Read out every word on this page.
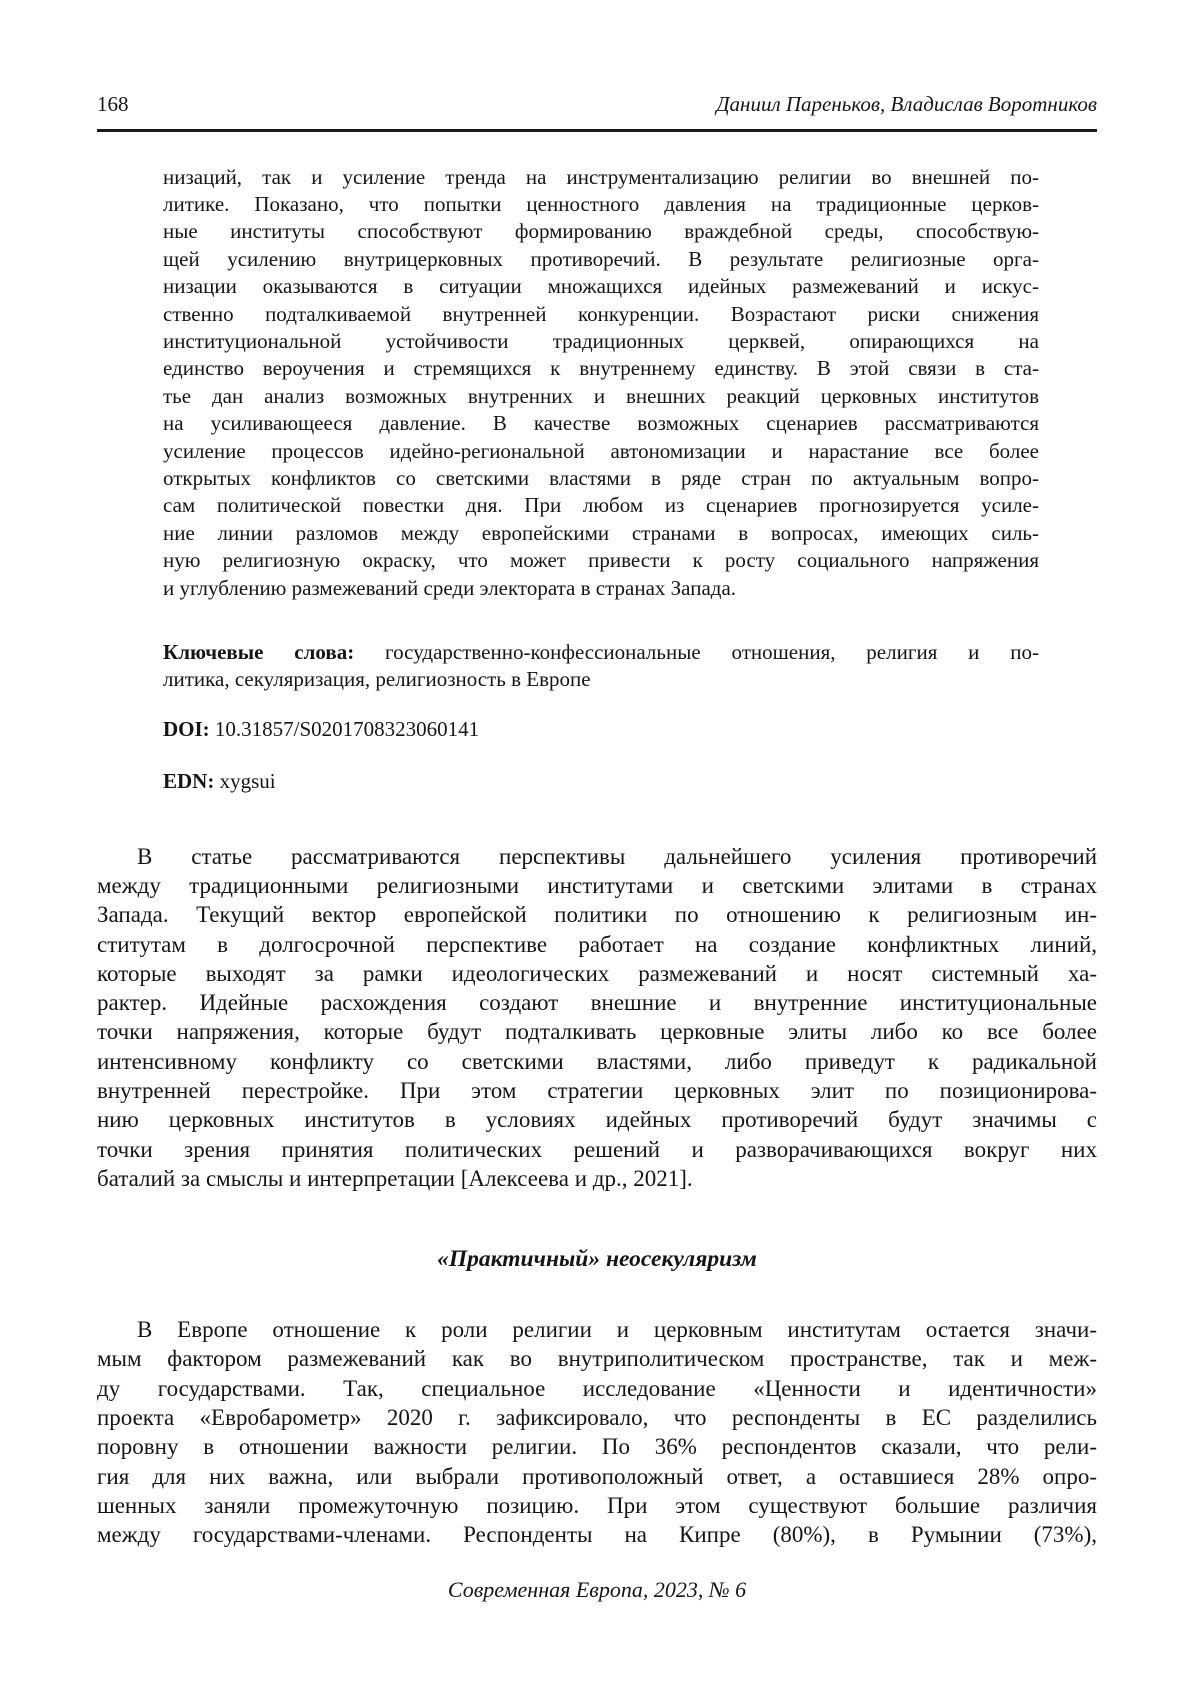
168	Даниил Пареньков, Владислав Воротников
низаций, так и усиление тренда на инструментализацию религии во внешней по-
литике. Показано, что попытки ценностного давления на традиционные церков-
ные институты способствуют формированию враждебной среды, способствую-
щей усилению внутрицерковных противоречий. В результате религиозные орга-
низации оказываются в ситуации множащихся идейных размежеваний и искус-
ственно подталкиваемой внутренней конкуренции. Возрастают риски снижения
институциональной устойчивости традиционных церквей, опирающихся на
единство вероучения и стремящихся к внутреннему единству. В этой связи в ста-
тье дан анализ возможных внутренних и внешних реакций церковных институтов
на усиливающееся давление. В качестве возможных сценариев рассматриваются
усиление процессов идейно-региональной автономизации и нарастание все более
открытых конфликтов со светскими властями в ряде стран по актуальным вопро-
сам политической повестки дня. При любом из сценариев прогнозируется усиле-
ние линии разломов между европейскими странами в вопросах, имеющих силь-
ную религиозную окраску, что может привести к росту социального напряжения
и углублению размежеваний среди электората в странах Запада.
Ключевые слова: государственно-конфессиональные отношения, религия и по-
литика, секуляризация, религиозность в Европе
DOI: 10.31857/S0201708323060141
EDN: xygsui
В статье рассматриваются перспективы дальнейшего усиления противоречий
между традиционными религиозными институтами и светскими элитами в странах
Запада. Текущий вектор европейской политики по отношению к религиозным ин-
ститутам в долгосрочной перспективе работает на создание конфликтных линий,
которые выходят за рамки идеологических размежеваний и носят системный ха-
рактер. Идейные расхождения создают внешние и внутренние институциональные
точки напряжения, которые будут подталкивать церковные элиты либо ко все более
интенсивному конфликту со светскими властями, либо приведут к радикальной
внутренней перестройке. При этом стратегии церковных элит по позиционирова-
нию церковных институтов в условиях идейных противоречий будут значимы с
точки зрения принятия политических решений и разворачивающихся вокруг них
баталий за смыслы и интерпретации [Алексеева и др., 2021].
«Практичный» неосекуляризм
В Европе отношение к роли религии и церковным институтам остается значи-
мым фактором размежеваний как во внутриполитическом пространстве, так и меж-
ду государствами. Так, специальное исследование «Ценности и идентичности»
проекта «Евробарометр» 2020 г. зафиксировало, что респонденты в ЕС разделились
поровну в отношении важности религии. По 36% респондентов сказали, что рели-
гия для них важна, или выбрали противоположный ответ, а оставшиеся 28% опро-
шенных заняли промежуточную позицию. При этом существуют большие различия
между государствами-членами. Респонденты на Кипре (80%), в Румынии (73%),
Современная Европа, 2023, № 6
